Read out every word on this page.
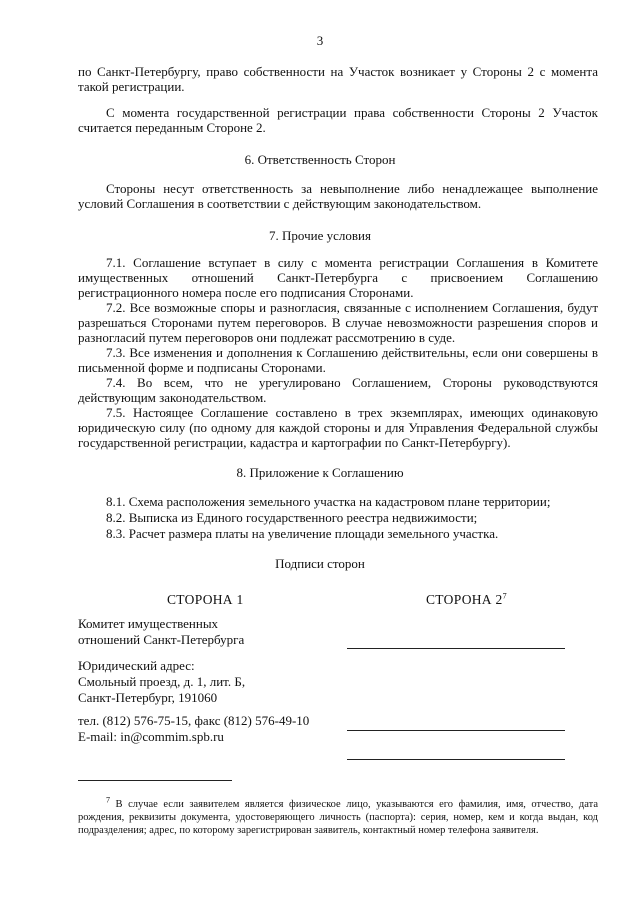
3

по Санкт-Петербургу, право собственности на Участок возникает у Стороны 2 с момента такой регистрации.

С момента государственной регистрации права собственности Стороны 2 Участок считается переданным Стороне 2.

6. Ответственность Сторон

Стороны несут ответственность за невыполнение либо ненадлежащее выполнение условий Соглашения в соответствии с действующим законодательством.

7. Прочие условия

7.1. Соглашение вступает в силу с момента регистрации Соглашения в Комитете имущественных отношений Санкт-Петербурга с присвоением Соглашению регистрационного номера после его подписания Сторонами.

7.2. Все возможные споры и разногласия, связанные с исполнением Соглашения, будут разрешаться Сторонами путем переговоров. В случае невозможности разрешения споров и разногласий путем переговоров они подлежат рассмотрению в суде.

7.3. Все изменения и дополнения к Соглашению действительны, если они совершены в письменной форме и подписаны Сторонами.

7.4. Во всем, что не урегулировано Соглашением, Стороны руководствуются действующим законодательством.

7.5. Настоящее Соглашение составлено в трех экземплярах, имеющих одинаковую юридическую силу (по одному для каждой стороны и для Управления Федеральной службы государственной регистрации, кадастра и картографии по Санкт-Петербургу).

8. Приложение к Соглашению
8.1. Схема расположения земельного участка на кадастровом плане территории;
8.2. Выписка из Единого государственного реестра недвижимости;
8.3. Расчет размера платы на увеличение площади земельного участка.
Подписи сторон
СТОРОНА 1	СТОРОНА $2^7$
Комитет имущественных
отношений Санкт-Петербурга
Юридический адрес:
Смольный проезд, д. 1, лит. Б,
Санкт-Петербург, 191060
тел. (812) 576-75-15, факс (812) 576-49-10
E-mail: in@commim.spb.ru
$^7$ В случае если заявителем является физическое лицо, указываются его фамилия, имя, отчество, дата рождения, реквизиты документа, удостоверяющего личность (паспорта): серия, номер, кем и когда выдан, код подразделения; адрес, по которому зарегистрирован заявитель, контактный номер телефона заявителя.
